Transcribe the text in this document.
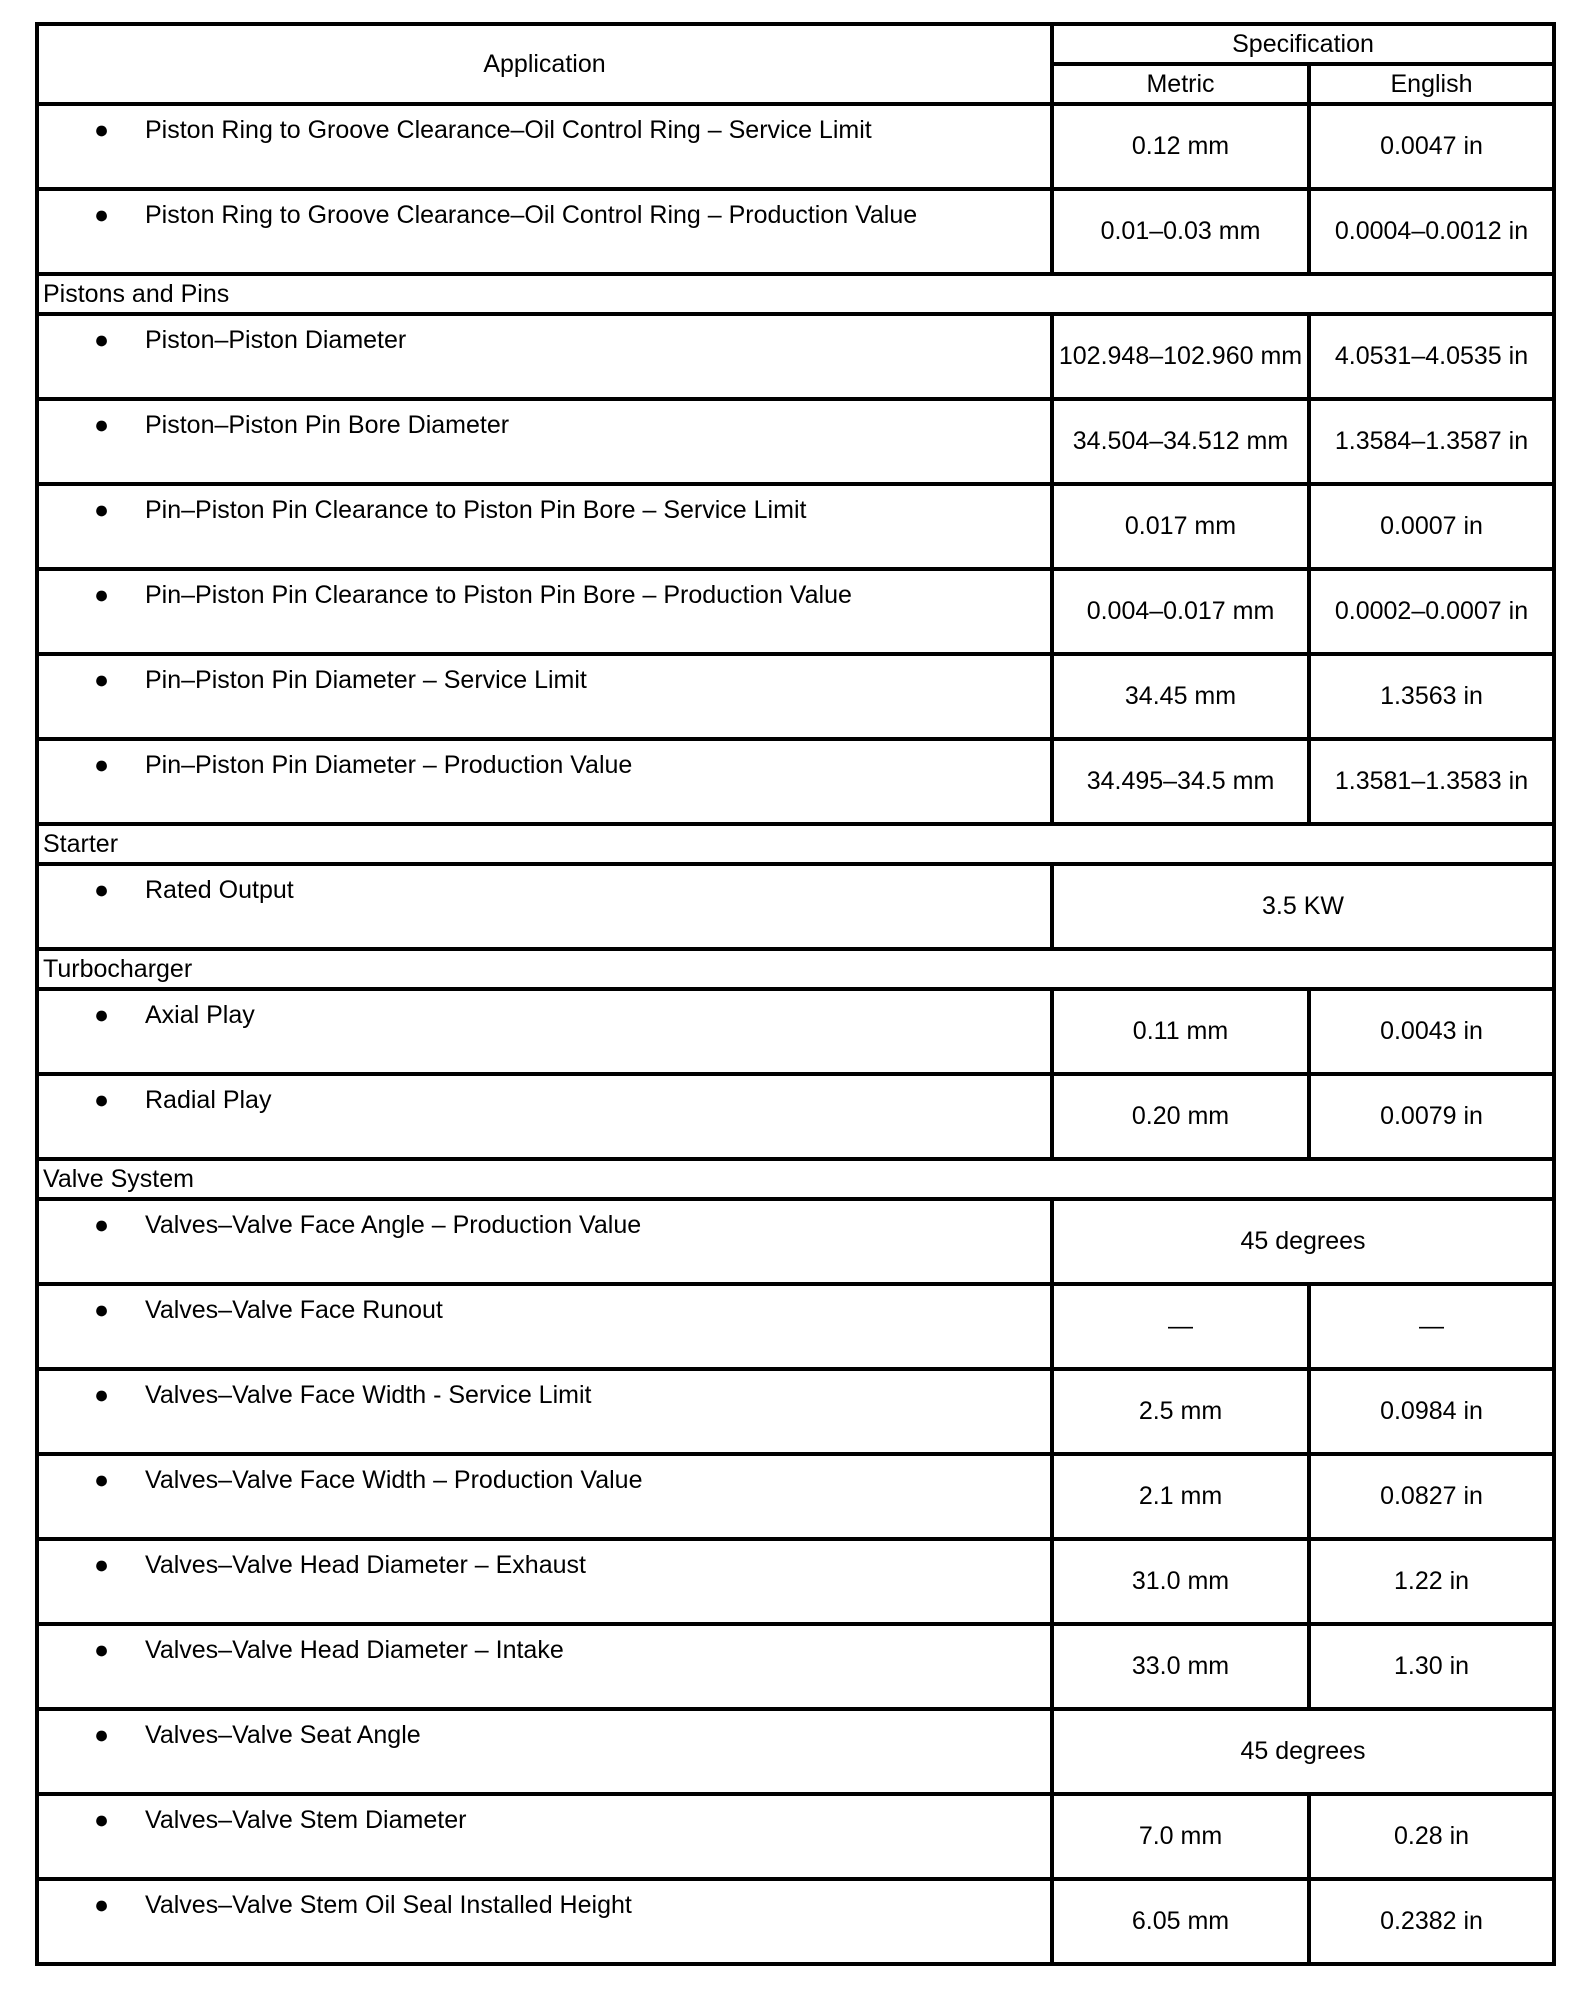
Application	Specification	
	Metric	English

● Piston Ring to Groove Clearance–Oil Control Ring – Service Limit	0.12 mm	0.0047 in

● Piston Ring to Groove Clearance–Oil Control Ring – Production Value	0.01–0.03 mm	0.0004–0.0012 in
Pistons and Pins		

● Piston–Piston Diameter	102.948–102.960 mm	4.0531–4.0535 in

● Piston–Piston Pin Bore Diameter	34.504–34.512 mm	1.3584–1.3587 in

● Pin–Piston Pin Clearance to Piston Pin Bore – Service Limit	0.017 mm	0.0007 in

● Pin–Piston Pin Clearance to Piston Pin Bore – Production Value	0.004–0.017 mm	0.0002–0.0007 in

● Pin–Piston Pin Diameter – Service Limit	34.45 mm	1.3563 in

● Pin–Piston Pin Diameter – Production Value	34.495–34.5 mm	1.3581–1.3583 in
Starter		

● Rated Output	3.5 KW	
Turbocharger		

● Axial Play	0.11 mm	0.0043 in

● Radial Play	0.20 mm	0.0079 in
Valve System		

● Valves–Valve Face Angle – Production Value	45 degrees	

● Valves–Valve Face Runout	—	—

● Valves–Valve Face Width - Service Limit	2.5 mm	0.0984 in

● Valves–Valve Face Width – Production Value	2.1 mm	0.0827 in

● Valves–Valve Head Diameter – Exhaust	31.0 mm	1.22 in

● Valves–Valve Head Diameter – Intake	33.0 mm	1.30 in

● Valves–Valve Seat Angle	45 degrees	

● Valves–Valve Stem Diameter	7.0 mm	0.28 in

● Valves–Valve Stem Oil Seal Installed Height	6.05 mm	0.2382 in
